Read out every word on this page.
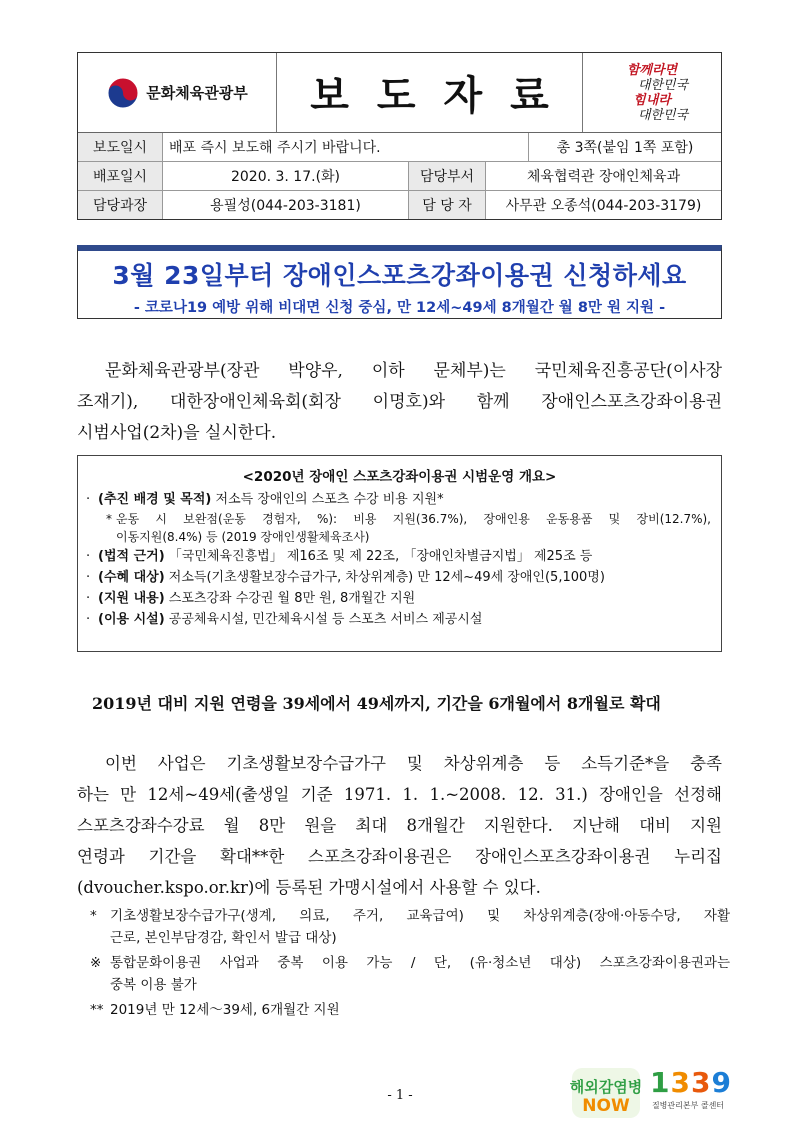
문화체육관광부	보도자료
함께라면
대한민국
힘내라
대한민국
보도일시	배포 즉시 보도해 주시기 바랍니다.	총 3쪽(붙임 1쪽 포함)
배포일시	2020. 3. 17.(화)	담당부서	체육협력관 장애인체육과
담당과장	용필성(044-203-3181)	담 당 자	사무관 오종석(044-203-3179)
3월 23일부터 장애인스포츠강좌이용권 신청하세요
- 코로나19 예방 위해 비대면 신청 중심, 만 12세~49세 8개월간 월 8만 원 지원 -
문화체육관광부(장관 박양우, 이하 문체부)는 국민체육진흥공단(이사장
조재기), 대한장애인체육회(회장 이명호)와 함께 장애인스포츠강좌이용권
시범사업(2차)을 실시한다.
<2020년 장애인 스포츠강좌이용권 시범운영 개요>
· (추진 배경 및 목적) 저소득 장애인의 스포츠 수강 비용 지원*
* 운동 시 보완점(운동 경험자, %): 비용 지원(36.7%), 장애인용 운동용품 및 장비(12.7%),
이동지원(8.4%) 등 (2019 장애인생활체육조사)
· (법적 근거) 「국민체육진흥법」 제16조 및 제 22조, 「장애인차별금지법」 제25조 등
· (수혜 대상) 저소득(기초생활보장수급가구, 차상위계층) 만 12세~49세 장애인(5,100명)
· (지원 내용) 스포츠강좌 수강권 월 8만 원, 8개월간 지원
· (이용 시설) 공공체육시설, 민간체육시설 등 스포츠 서비스 제공시설
2019년 대비 지원 연령을 39세에서 49세까지, 기간을 6개월에서 8개월로 확대
이번 사업은 기초생활보장수급가구 및 차상위계층 등 소득기준*을 충족
하는 만 12세~49세(출생일 기준 1971. 1. 1.~2008. 12. 31.) 장애인을 선정해
스포츠강좌수강료 월 8만 원을 최대 8개월간 지원한다. 지난해 대비 지원
연령과 기간을 확대**한 스포츠강좌이용권은 장애인스포츠강좌이용권 누리집
(dvoucher.kspo.or.kr)에 등록된 가맹시설에서 사용할 수 있다.
* 기초생활보장수급가구(생계, 의료, 주거, 교육급여) 및 차상위계층(장애·아동수당, 자활
근로, 본인부담경감, 확인서 발급 대상)
※ 통합문화이용권 사업과 중복 이용 가능 / 단, (유·청소년 대상) 스포츠강좌이용권과는
중복 이용 불가
** 2019년 만 12세～39세, 6개월간 지원
- 1 -	해외감염병
NOW
1339
질병관리본부 콜센터
